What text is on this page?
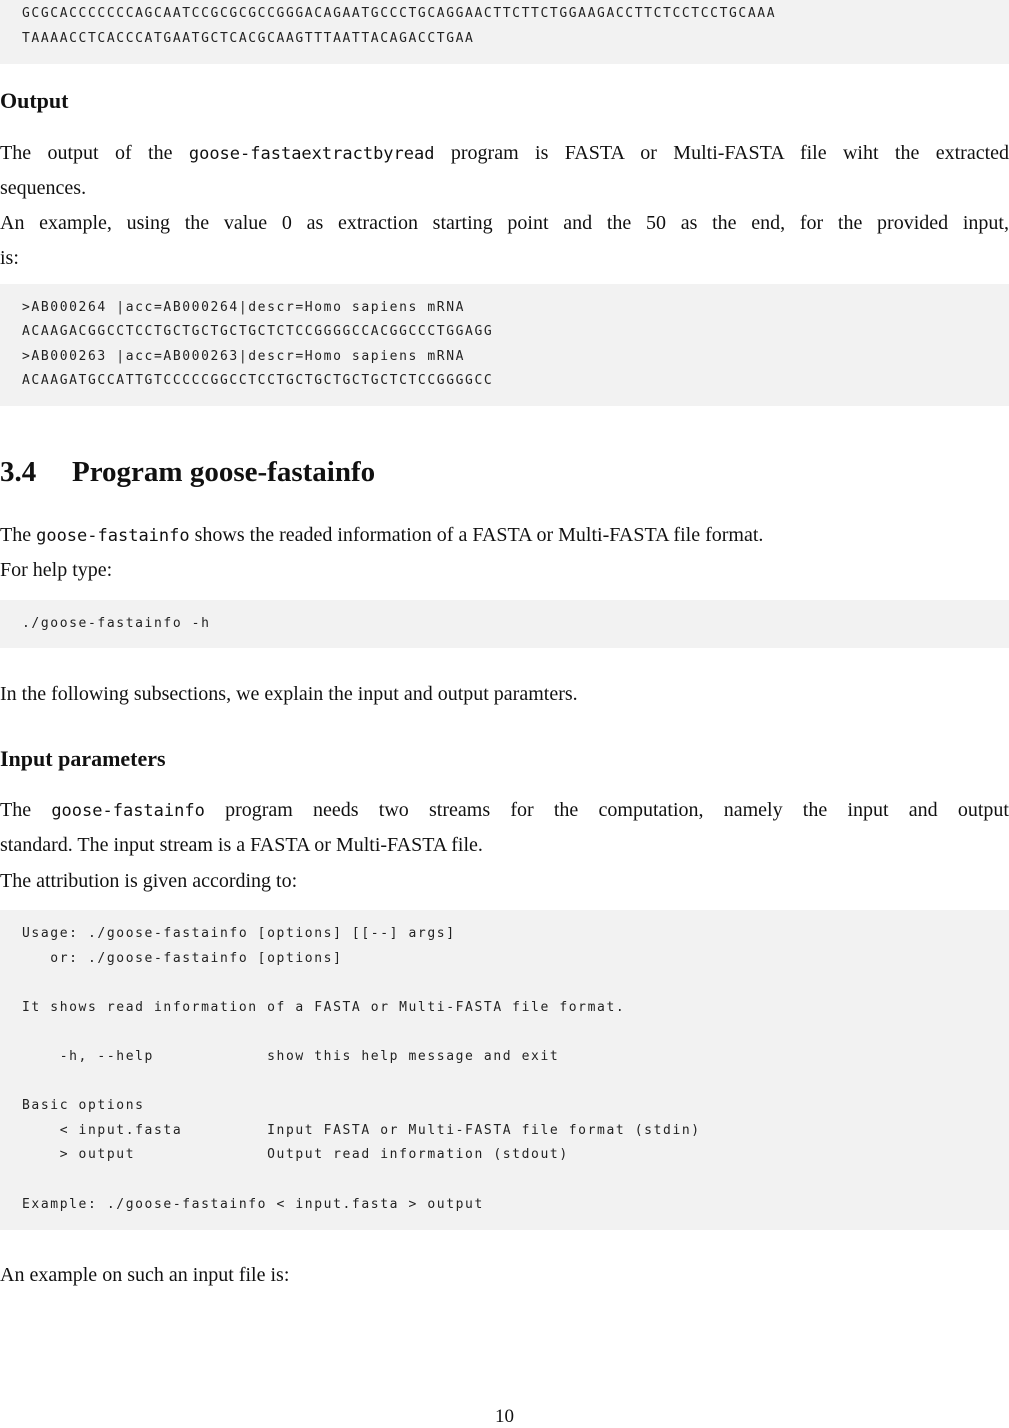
GCGCACCCCCCCAGCAATCCGCGCGCCGGGACAGAATGCCCTGCAGGAACTTCTTCTGGAAGACCTTCTCCTCCTGCAAA
TAAAACCTCACCCATGAATGCTCACGCAAGTTTAATTACAGACCTGAA
Output
The output of the goose-fastaextractbyread program is FASTA or Multi-FASTA file wiht the extracted
sequences.
An example, using the value 0 as extraction starting point and the 50 as the end, for the provided input,
is:
>AB000264 |acc=AB000264|descr=Homo sapiens mRNA
ACAAGACGGCCTCCTGCTGCTGCTGCTCTCCGGGGCCACGGCCCTGGAGG
>AB000263 |acc=AB000263|descr=Homo sapiens mRNA
ACAAGATGCCATTGTCCCCCGGCCTCCTGCTGCTGCTGCTCTCCGGGGCC
3.4 Program goose-fastainfo
The goose-fastainfo shows the readed information of a FASTA or Multi-FASTA file format.
For help type:
./goose-fastainfo -h
In the following subsections, we explain the input and output paramters.
Input parameters
The goose-fastainfo program needs two streams for the computation, namely the input and output
standard. The input stream is a FASTA or Multi-FASTA file.
The attribution is given according to:
Usage: ./goose-fastainfo [options] [[--] args]
or: ./goose-fastainfo [options]
It shows read information of a FASTA or Multi-FASTA file format.
-h, --help            show this help message and exit
Basic options
< input.fasta         Input FASTA or Multi-FASTA file format (stdin)
> output              Output read information (stdout)
Example: ./goose-fastainfo < input.fasta > output
An example on such an input file is:
10
